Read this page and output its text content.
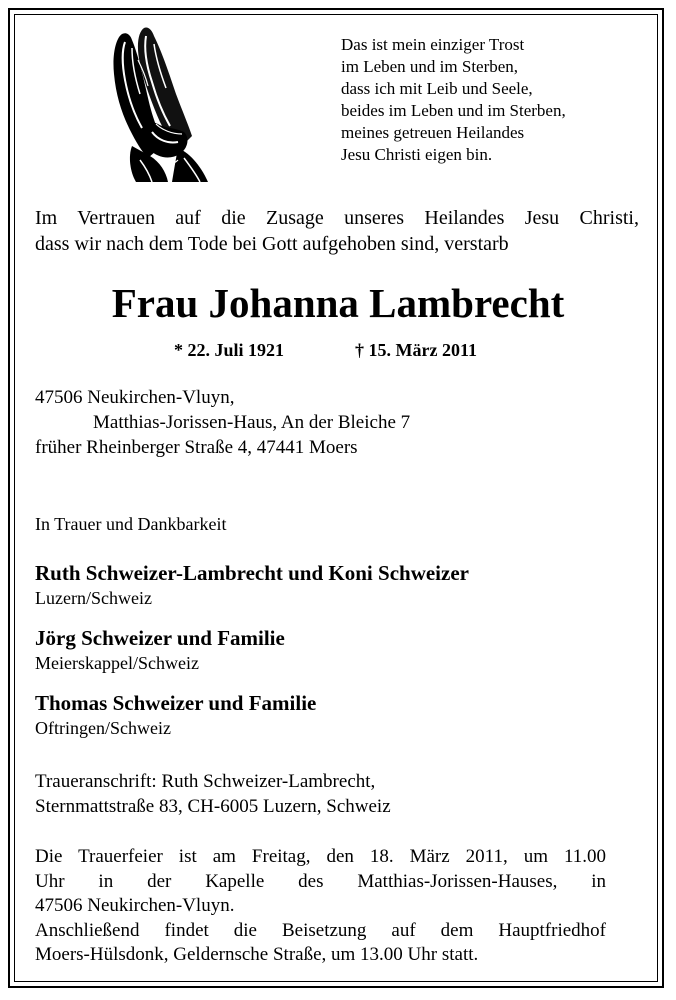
Das ist mein einziger Trost
im Leben und im Sterben,
dass ich mit Leib und Seele,
beides im Leben und im Sterben,
meines getreuen Heilandes
Jesu Christi eigen bin.
Im Vertrauen auf die Zusage unseres Heilandes Jesu Christi,
dass wir nach dem Tode bei Gott aufgehoben sind, verstarb
Frau Johanna Lambrecht
* 22. Juli 1921	† 15. März 2011
47506 Neukirchen-Vluyn,
Matthias-Jorissen-Haus, An der Bleiche 7
früher Rheinberger Straße 4, 47441 Moers
In Trauer und Dankbarkeit
Ruth Schweizer-Lambrecht und Koni Schweizer
Luzern/Schweiz
Jörg Schweizer und Familie
Meierskappel/Schweiz
Thomas Schweizer und Familie
Oftringen/Schweiz
Traueranschrift: Ruth Schweizer-Lambrecht,
Sternmattstraße 83, CH-6005 Luzern, Schweiz
Die Trauerfeier ist am Freitag, den 18. März 2011, um 11.00
Uhr in der Kapelle des Matthias-Jorissen-Hauses, in
47506 Neukirchen-Vluyn.
Anschließend findet die Beisetzung auf dem Hauptfriedhof
Moers-Hülsdonk, Geldernsche Straße, um 13.00 Uhr statt.
